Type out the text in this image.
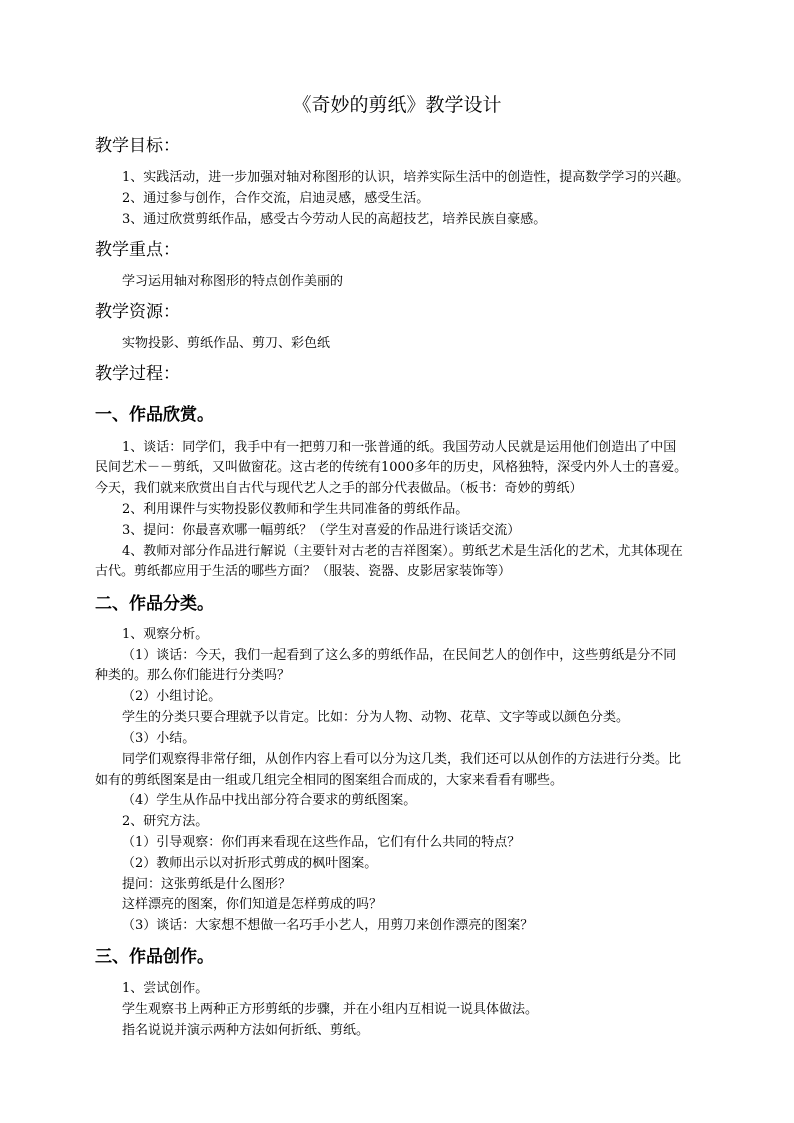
《奇妙的剪纸》教学设计
教学目标：
1、实践活动，进一步加强对轴对称图形的认识，培养实际生活中的创造性，提高数学学习的兴趣。
2、通过参与创作，合作交流，启迪灵感，感受生活。
3、通过欣赏剪纸作品，感受古今劳动人民的高超技艺，培养民族自豪感。
教学重点：
学习运用轴对称图形的特点创作美丽的
教学资源：
实物投影、剪纸作品、剪刀、彩色纸
教学过程：
一、作品欣赏。
1、谈话：同学们，我手中有一把剪刀和一张普通的纸。我国劳动人民就是运用他们创造出了中国
民间艺术－－剪纸，又叫做窗花。这古老的传统有1000多年的历史，风格独特，深受内外人士的喜爱。
今天，我们就来欣赏出自古代与现代艺人之手的部分代表做品。（板书：奇妙的剪纸）
2、利用课件与实物投影仪教师和学生共同准备的剪纸作品。
3、提问：你最喜欢哪一幅剪纸？（学生对喜爱的作品进行谈话交流）
4、教师对部分作品进行解说（主要针对古老的吉祥图案）。剪纸艺术是生活化的艺术，尤其体现在
古代。剪纸都应用于生活的哪些方面？（服装、瓷器、皮影居家装饰等）
二、作品分类。
1、观察分析。
（1）谈话：今天，我们一起看到了这么多的剪纸作品，在民间艺人的创作中，这些剪纸是分不同
种类的。那么你们能进行分类吗？
（2）小组讨论。
学生的分类只要合理就予以肯定。比如：分为人物、动物、花草、文字等或以颜色分类。
（3）小结。
同学们观察得非常仔细，从创作内容上看可以分为这几类，我们还可以从创作的方法进行分类。比
如有的剪纸图案是由一组或几组完全相同的图案组合而成的，大家来看看有哪些。
（4）学生从作品中找出部分符合要求的剪纸图案。
2、研究方法。
（1）引导观察：你们再来看现在这些作品，它们有什么共同的特点？
（2）教师出示以对折形式剪成的枫叶图案。
提问：这张剪纸是什么图形？
这样漂亮的图案，你们知道是怎样剪成的吗？
（3）谈话：大家想不想做一名巧手小艺人，用剪刀来创作漂亮的图案？
三、作品创作。
1、尝试创作。
学生观察书上两种正方形剪纸的步骤，并在小组内互相说一说具体做法。
指名说说并演示两种方法如何折纸、剪纸。
